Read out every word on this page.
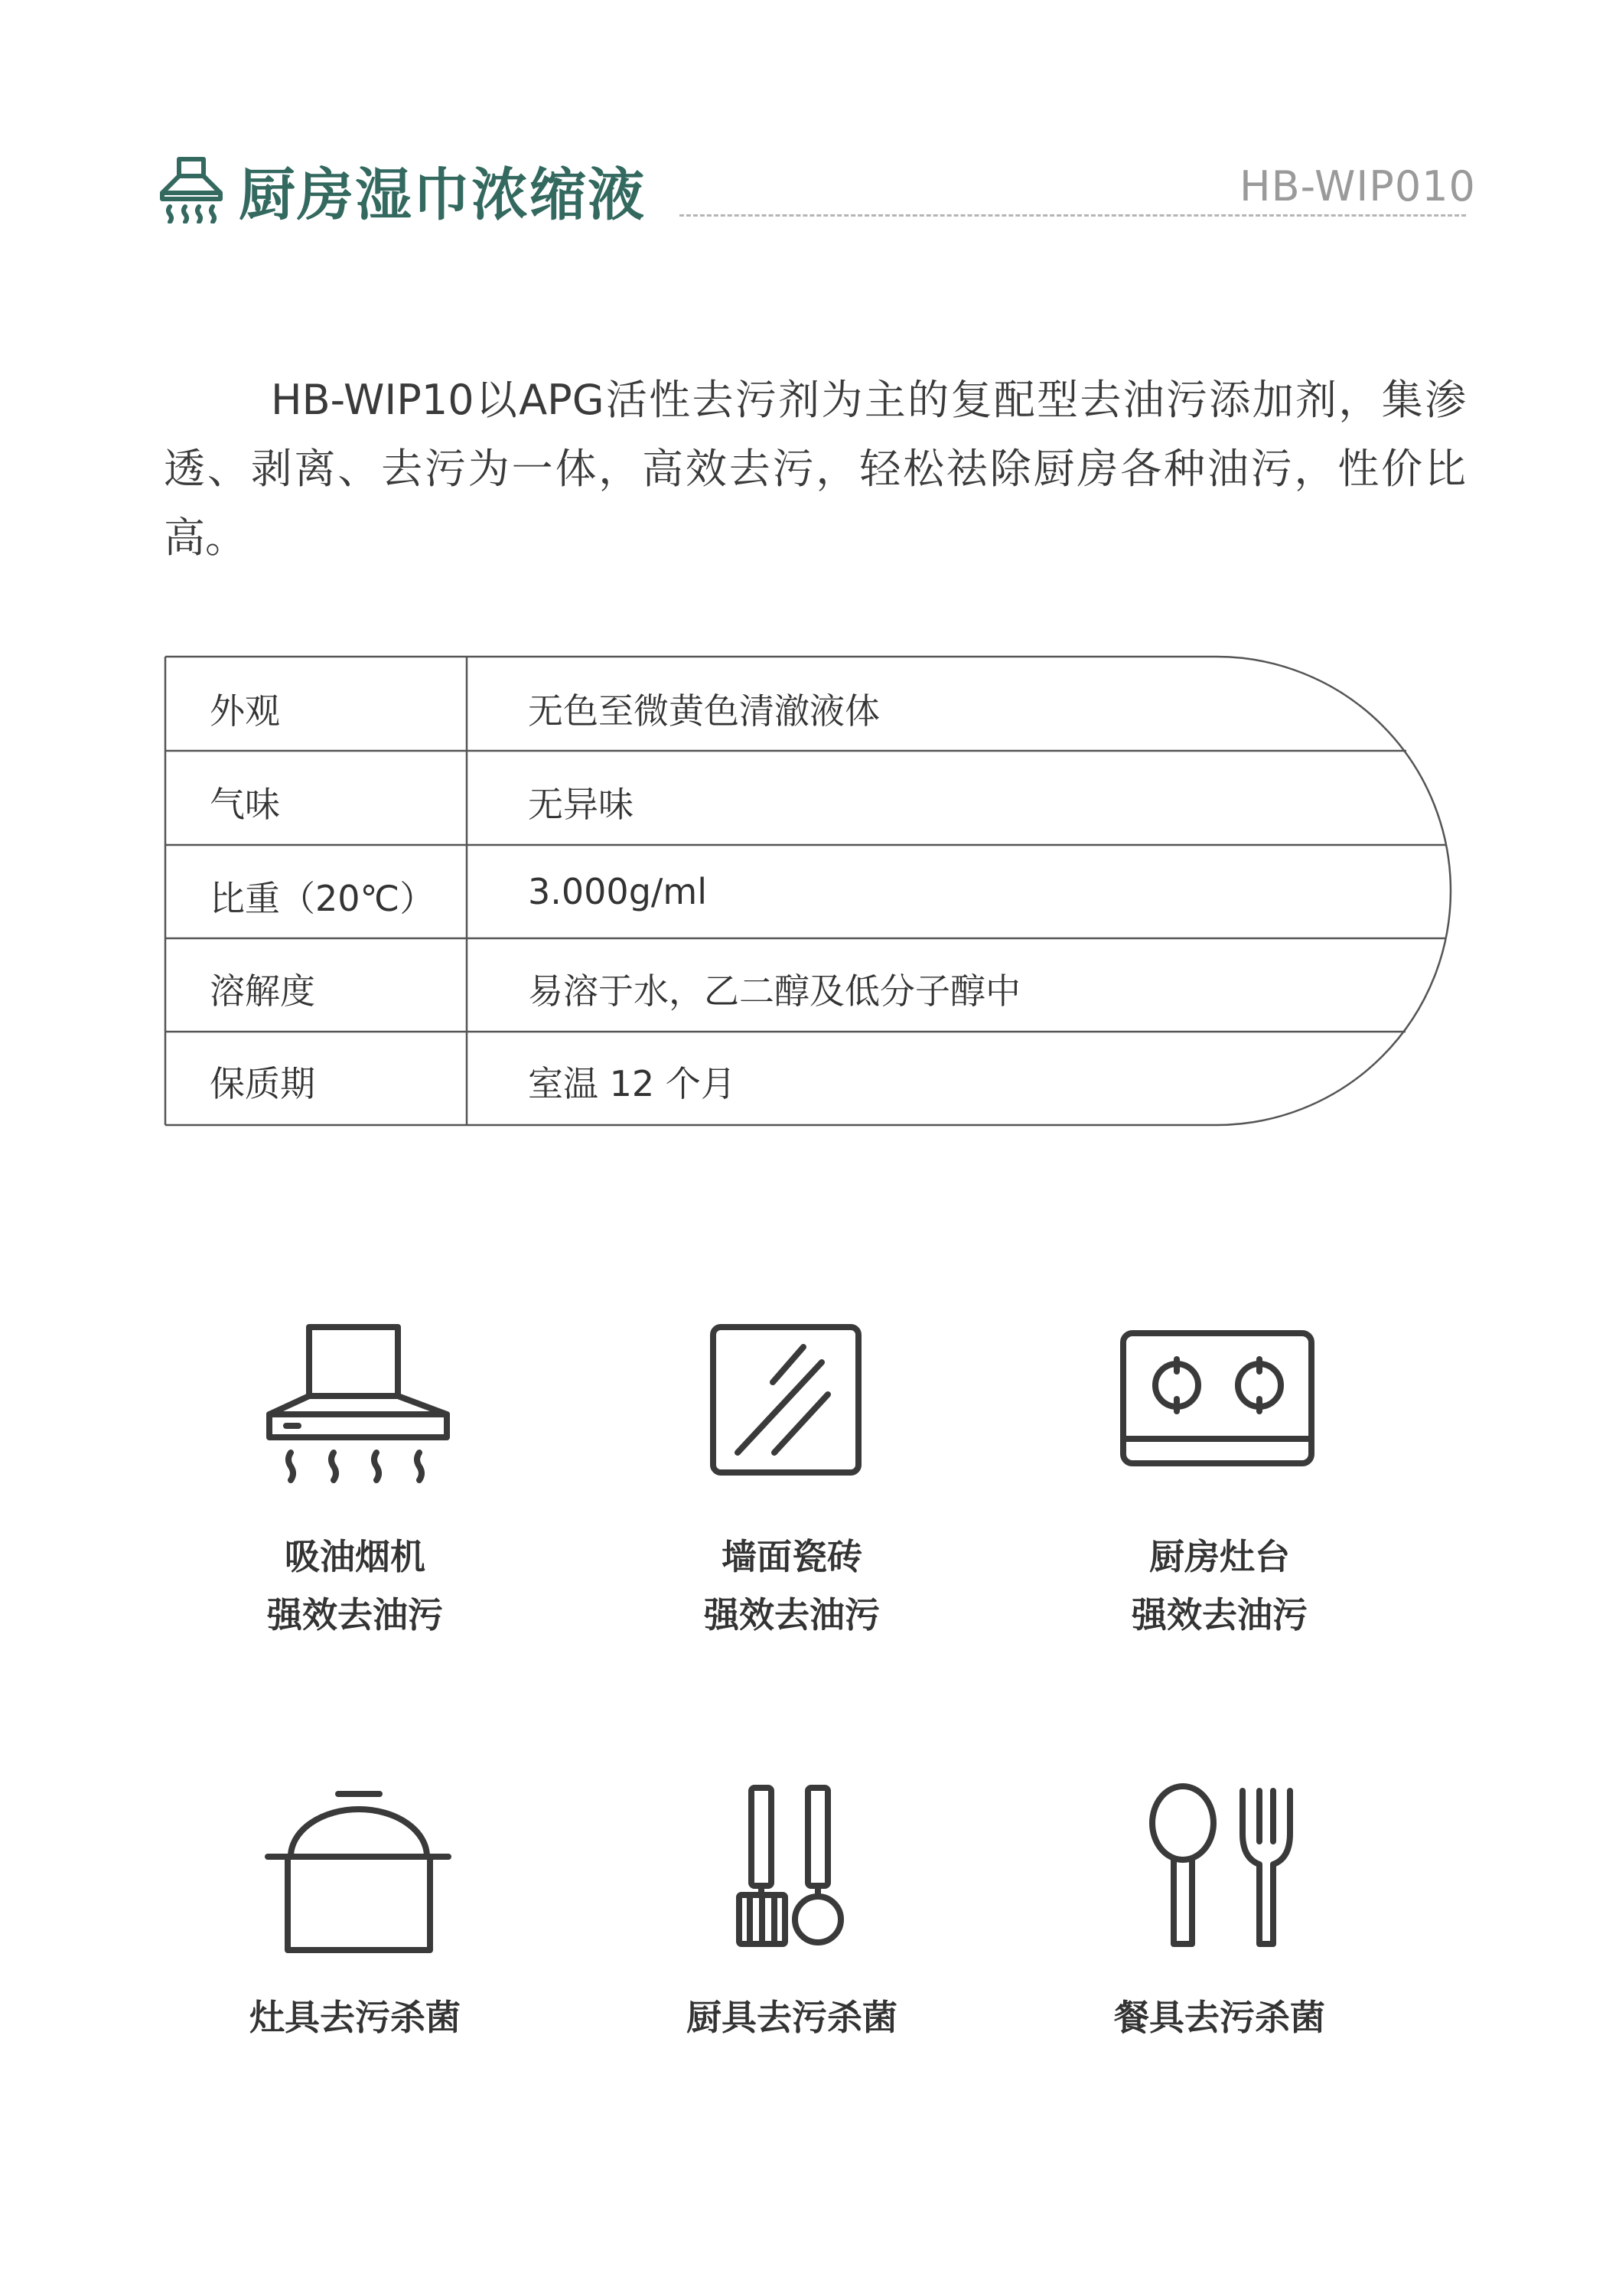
厨房湿巾浓缩液	HB-WIP010
HB-WIP10以APG活性去污剂为主的复配型去油污添加剂，集渗透、剥离、去污为一体，高效去污，轻松祛除厨房各种油污，性价比高。
外观	无色至微黄色清澈液体
气味	无异味
比重（20℃）	3.000g/ml
溶解度	易溶于水，乙二醇及低分子醇中
保质期	室温 12 个月
吸油烟机
强效去油污
墙面瓷砖
强效去油污
厨房灶台
强效去油污
灶具去污杀菌	厨具去污杀菌	餐具去污杀菌
